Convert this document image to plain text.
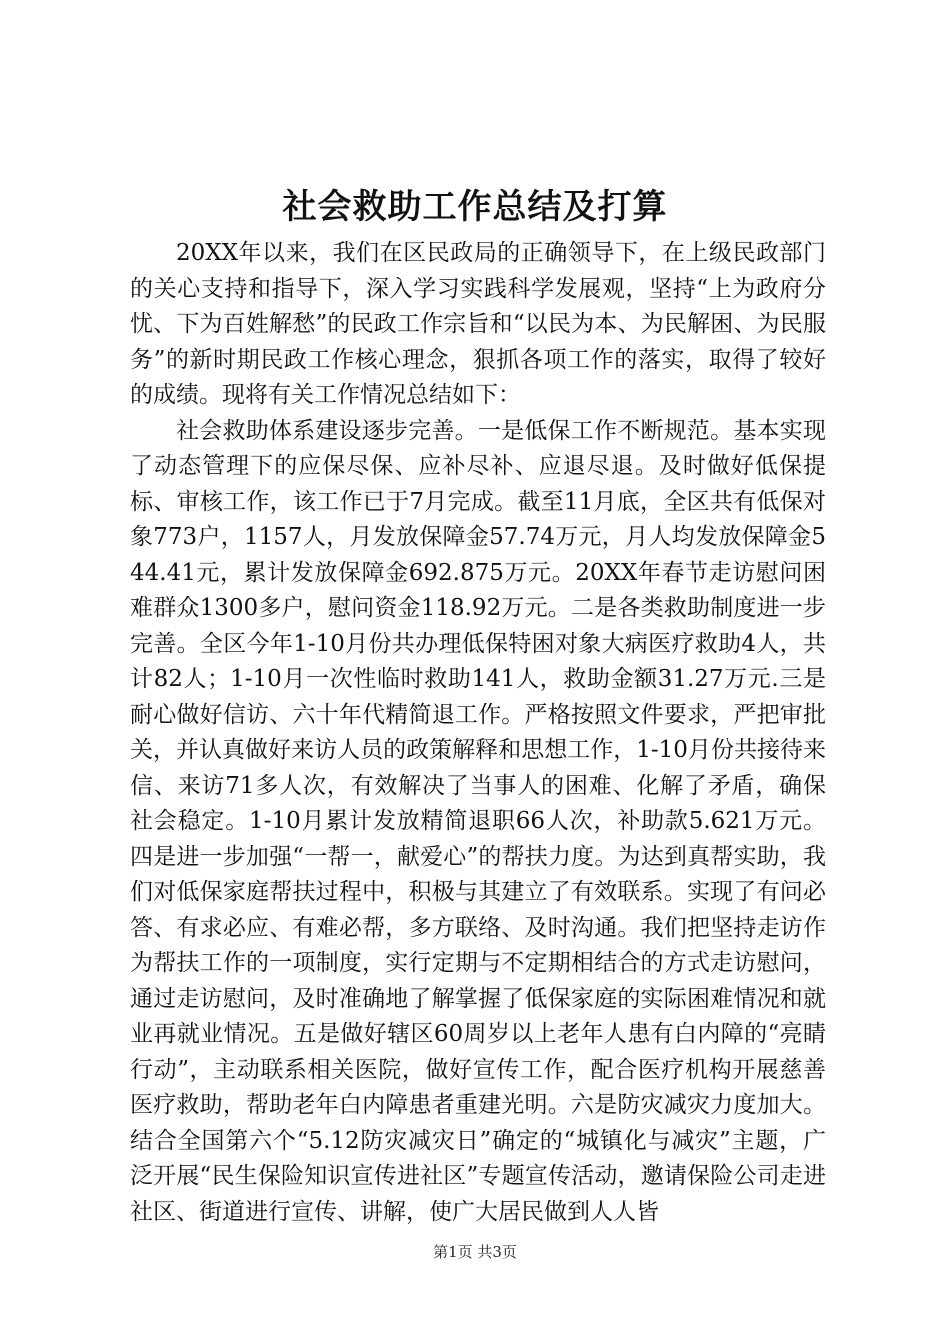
社会救助工作总结及打算

20XX年以来，我们在区民政局的正确领导下，在上级民政部门的关心支持和指导下，深入学习实践科学发展观，坚持“上为政府分忧、下为百姓解愁”的民政工作宗旨和“以民为本、为民解困、为民服务”的新时期民政工作核心理念，狠抓各项工作的落实，取得了较好的成绩。现将有关工作情况总结如下：

社会救助体系建设逐步完善。一是低保工作不断规范。基本实现了动态管理下的应保尽保、应补尽补、应退尽退。及时做好低保提标、审核工作，该工作已于7月完成。截至11月底，全区共有低保对象773户，1157人，月发放保障金57.74万元，月人均发放保障金544.41元，累计发放保障金692.875万元。20XX年春节走访慰问困难群众1300多户，慰问资金118.92万元。二是各类救助制度进一步完善。全区今年1-10月份共办理低保特困对象大病医疗救助4人，共计82人；1-10月一次性临时救助141人，救助金额31.27万元.三是耐心做好信访、六十年代精简退工作。严格按照文件要求，严把审批关，并认真做好来访人员的政策解释和思想工作，1-10月份共接待来信、来访71多人次，有效解决了当事人的困难、化解了矛盾，确保社会稳定。1-10月累计发放精简退职66人次，补助款5.621万元。四是进一步加强“一帮一，献爱心”的帮扶力度。为达到真帮实助，我们对低保家庭帮扶过程中，积极与其建立了有效联系。实现了有问必答、有求必应、有难必帮，多方联络、及时沟通。我们把坚持走访作为帮扶工作的一项制度，实行定期与不定期相结合的方式走访慰问，通过走访慰问，及时准确地了解掌握了低保家庭的实际困难情况和就业再就业情况。五是做好辖区60周岁以上老年人患有白内障的“亮睛行动”，主动联系相关医院，做好宣传工作，配合医疗机构开展慈善医疗救助，帮助老年白内障患者重建光明。六是防灾减灾力度加大。结合全国第六个“5.12防灾减灾日”确定的“城镇化与减灾”主题，广泛开展“民生保险知识宣传进社区”专题宣传活动，邀请保险公司走进社区、街道进行宣传、讲解，使广大居民做到人人皆

第1页 共3页
